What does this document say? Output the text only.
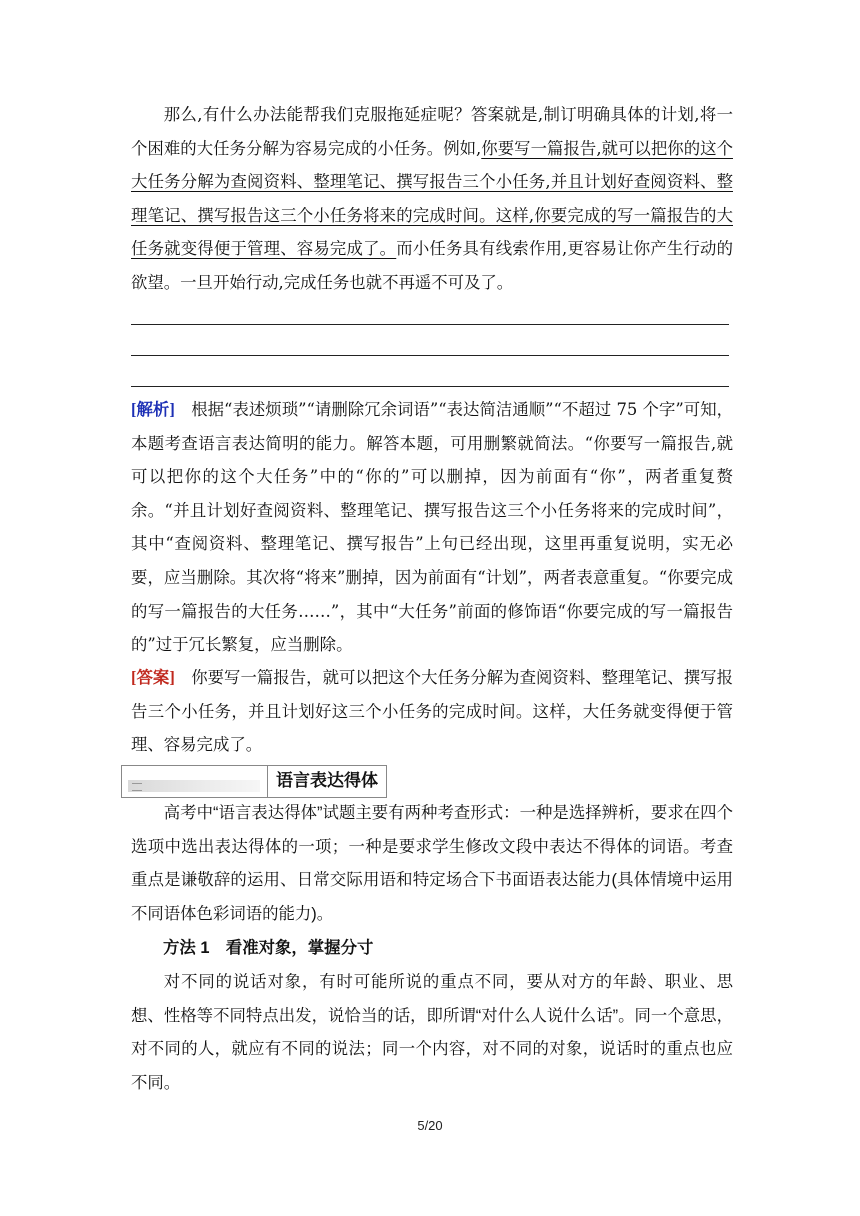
那么,有什么办法能帮我们克服拖延症呢？答案就是,制订明确具体的计划,将一个困难的大任务分解为容易完成的小任务。例如,你要写一篇报告,就可以把你的这个大任务分解为查阅资料、整理笔记、撰写报告三个小任务,并且计划好查阅资料、整理笔记、撰写报告这三个小任务将来的完成时间。这样,你要完成的写一篇报告的大任务就变得便于管理、容易完成了。而小任务具有线索作用,更容易让你产生行动的欲望。一旦开始行动,完成任务也就不再遥不可及了。

[解析]  根据“表述烦琐”“请删除冗余词语”“表达简洁通顺”“不超过 75 个字”可知，本题考查语言表达简明的能力。解答本题，可用删繁就简法。“你要写一篇报告,就可以把你的这个大任务”中的“你的”可以删掉，因为前面有“你”，两者重复赘余。“并且计划好查阅资料、整理笔记、撰写报告这三个小任务将来的完成时间”，其中“查阅资料、整理笔记、撰写报告”上句已经出现，这里再重复说明，实无必要，应当删除。其次将“将来”删掉，因为前面有“计划”，两者表意重复。“你要完成的写一篇报告的大任务……”，其中“大任务”前面的修饰语“你要完成的写一篇报告的”过于冗长繁复，应当删除。

[答案]  你要写一篇报告，就可以把这个大任务分解为查阅资料、整理笔记、撰写报告三个小任务，并且计划好这三个小任务的完成时间。这样，大任务就变得便于管理、容易完成了。

语言表达得体

高考中“语言表达得体”试题主要有两种考查形式：一种是选择辨析，要求在四个选项中选出表达得体的一项；一种是要求学生修改文段中表达不得体的词语。考查重点是谦敬辞的运用、日常交际用语和特定场合下书面语表达能力(具体情境中运用不同语体色彩词语的能力)。

方法 1　看准对象，掌握分寸

对不同的说话对象，有时可能所说的重点不同，要从对方的年龄、职业、思想、性格等不同特点出发，说恰当的话，即所谓“对什么人说什么话”。同一个意思，对不同的人，就应有不同的说法；同一个内容，对不同的对象，说话时的重点也应不同。

5/20
